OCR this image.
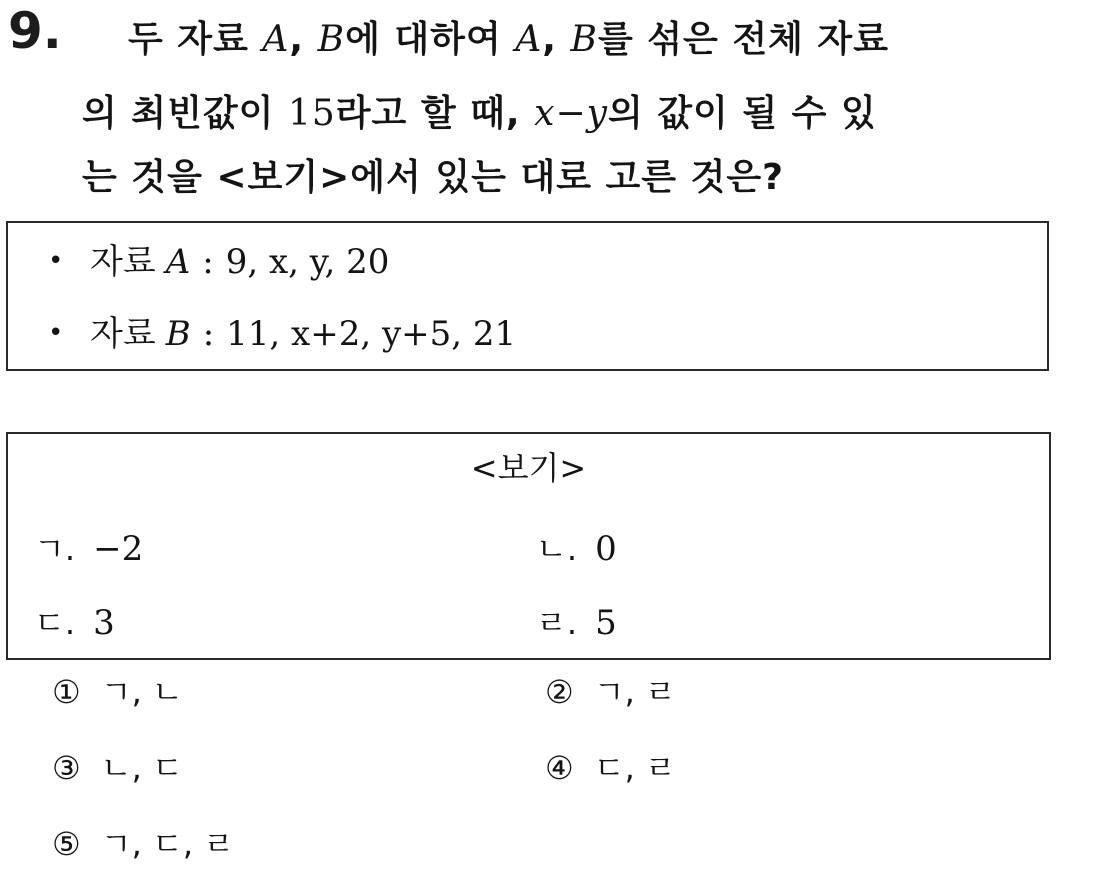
9. 두 자료 A, B에 대하여 A, B를 섞은 전체 자료
의 최빈값이 15라고 할 때, x−y의 값이 될 수 있
는 것을 <보기>에서 있는 대로 고른 것은?
• 자료 A : 9, x, y, 20
• 자료 B : 11, x+2, y+5, 21
<보기>
ㄱ. −2	ㄴ. 0
ㄷ. 3	ㄹ. 5
① ㄱ, ㄴ	② ㄱ, ㄹ
③ ㄴ, ㄷ	④ ㄷ, ㄹ
⑤ ㄱ, ㄷ, ㄹ
